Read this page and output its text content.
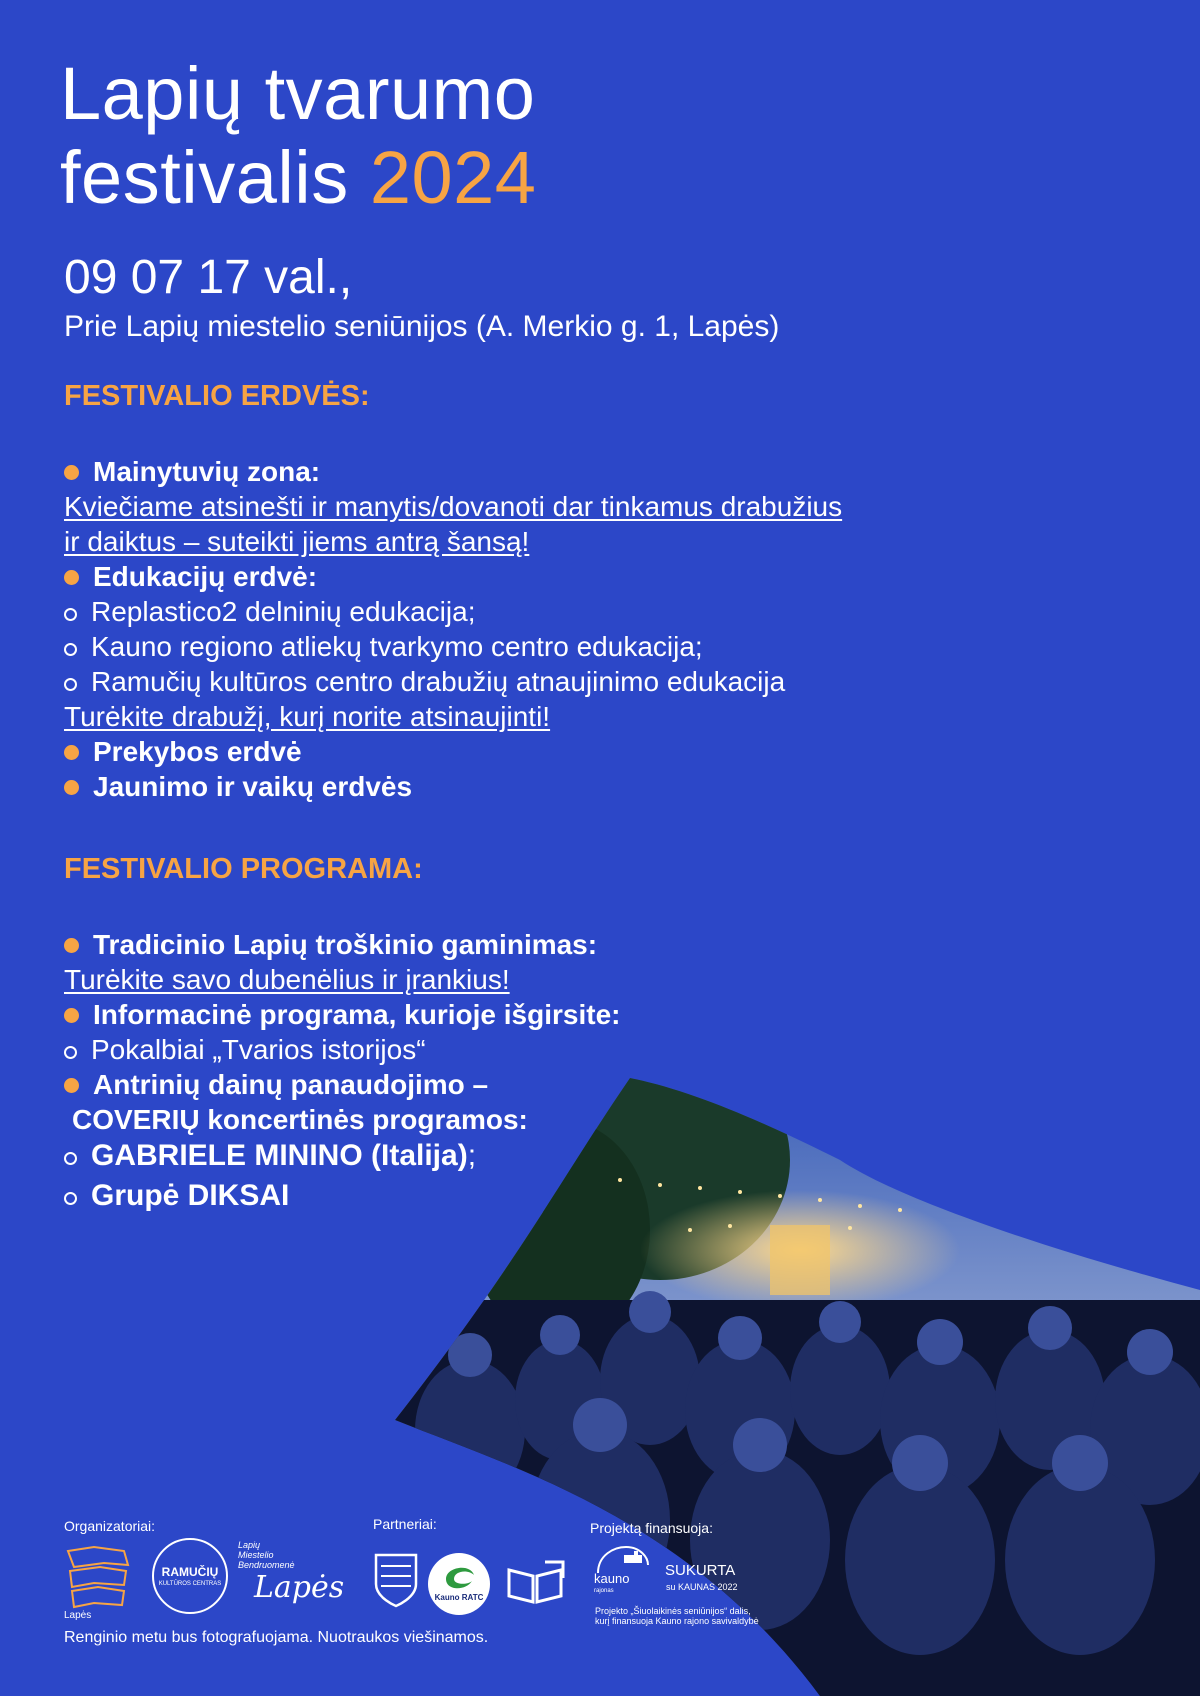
Lapių tvarumo
festivalis 2024
09 07 17 val.,
Prie Lapių miestelio seniūnijos (A. Merkio g. 1, Lapės)
FESTIVALIO ERDVĖS:
Mainytuvių zona:
Kviečiame atsinešti ir manytis/dovanoti dar tinkamus drabužius
ir daiktus – suteikti jiems antrą šansą!
Edukacijų erdvė:
Replastico2 delninių edukacija;
Kauno regiono atliekų tvarkymo centro edukacija;
Ramučių kultūros centro drabužių atnaujinimo edukacija
Turėkite drabužį, kurį norite atsinaujinti!
Prekybos erdvė
Jaunimo ir vaikų erdvės
FESTIVALIO PROGRAMA:
Tradicinio Lapių troškinio gaminimas:
Turėkite savo dubenėlius ir įrankius!
Informacinė programa, kurioje išgirsite:
Pokalbiai „Tvarios istorijos“
Antrinių dainų panaudojimo –
COVERIŲ koncertinės programos:
GABRIELE MININO (Italija);
Grupė DIKSAI
Organizatoriai:	Partneriai:	Projektą finansuoja:
Lapės
RAMUČIŲ
KULTŪROS CENTRAS
Lapių Miestelio Bendruomenė
Lapės	Kauno RATC
kauno
rajonas
SUKURTA
su KAUNAS 2022
Projekto „Šiuolaikinės seniūnijos“ dalis,
kurį finansuoja Kauno rajono savivaldybė
Renginio metu bus fotografuojama. Nuotraukos viešinamos.
